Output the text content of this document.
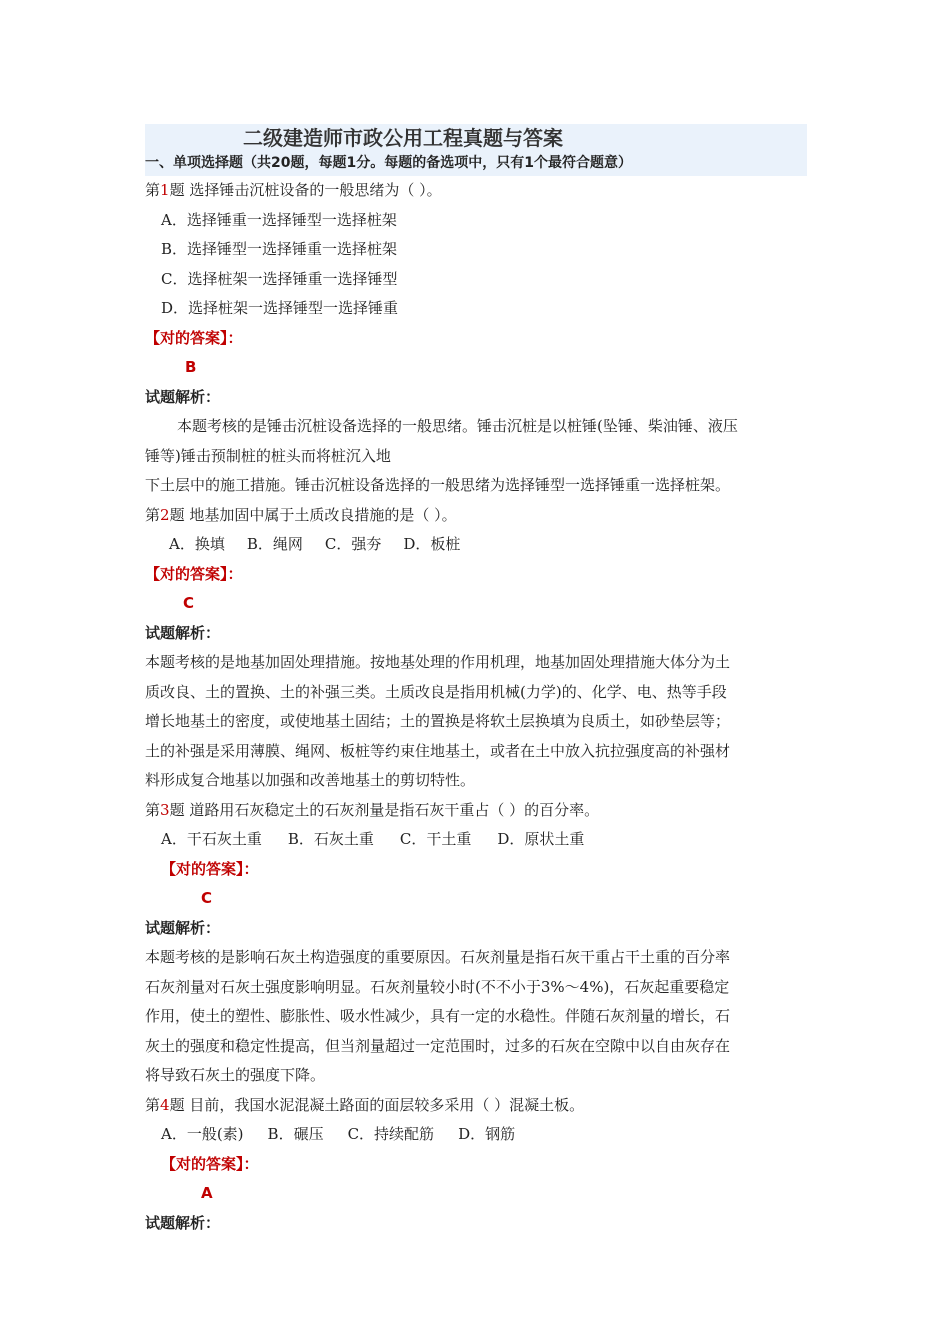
二级建造师市政公用工程真题与答案
一、单项选择题（共20题，每题1分。每题的备选项中，只有1个最符合题意）
第1题 选择锤击沉桩设备的一般思绪为（ ）。
A．选择锤重一选择锤型一选择桩架
B．选择锤型一选择锤重一选择桩架
C．选择桩架一选择锤重一选择锤型
D．选择桩架一选择锤型一选择锤重
【对的答案】：
B
试题解析：
本题考核的是锤击沉桩设备选择的一般思绪。锤击沉桩是以桩锤(坠锤、柴油锤、液压
锤等)锤击预制桩的桩头而将桩沉入地
下土层中的施工措施。锤击沉桩设备选择的一般思绪为选择锤型一选择锤重一选择桩架。
第2题 地基加固中属于土质改良措施的是（ ）。
A．换填 B．绳网 C．强夯 D．板桩
【对的答案】：
C
试题解析：
本题考核的是地基加固处理措施。按地基处理的作用机理，地基加固处理措施大体分为土
质改良、土的置换、土的补强三类。土质改良是指用机械(力学)的、化学、电、热等手段
增长地基土的密度，或使地基土固结；土的置换是将软土层换填为良质土，如砂垫层等；
土的补强是采用薄膜、绳网、板桩等约束住地基土，或者在土中放入抗拉强度高的补强材
料形成复合地基以加强和改善地基土的剪切特性。
第3题 道路用石灰稳定土的石灰剂量是指石灰干重占（ ）的百分率。
A．干石灰土重 B．石灰土重 C．干土重 D．原状土重
【对的答案】：
C
试题解析：
本题考核的是影响石灰土构造强度的重要原因。石灰剂量是指石灰干重占干土重的百分率
石灰剂量对石灰土强度影响明显。石灰剂量较小时(不不小于3%～4%)，石灰起重要稳定
作用，使土的塑性、膨胀性、吸水性减少，具有一定的水稳性。伴随石灰剂量的增长，石
灰土的强度和稳定性提高，但当剂量超过一定范围时，过多的石灰在空隙中以自由灰存在
将导致石灰土的强度下降。
第4题 目前，我国水泥混凝土路面的面层较多采用（ ）混凝土板。
A．一般(素) B．碾压 C．持续配筋 D．钢筋
【对的答案】：
A
试题解析：
